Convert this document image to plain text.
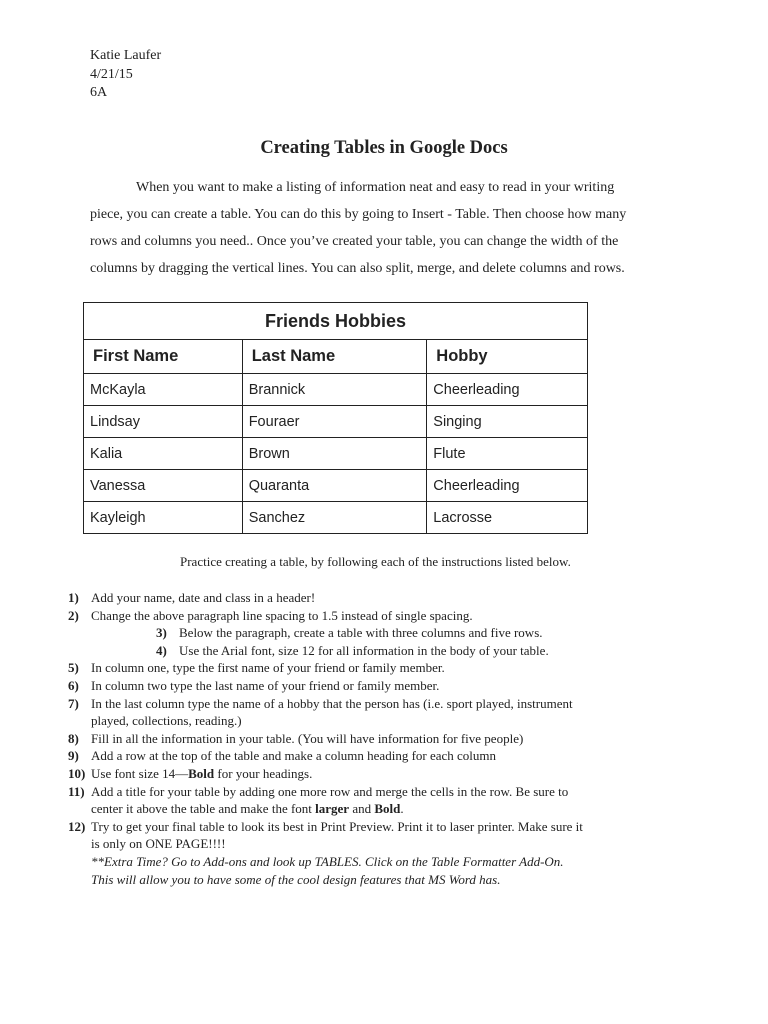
Katie Laufer
4/21/15
6A
Creating Tables in Google Docs
When you want to make a listing of information neat and easy to read in your writing
piece, you can create a table. You can do this by going to Insert - Table. Then choose how many
rows and columns you need.. Once you’ve created your table, you can change the width of the
columns by dragging the vertical lines. You can also split, merge, and delete columns and rows.
Friends Hobbies		
First Name	Last Name	Hobby
McKayla	Brannick	Cheerleading
Lindsay	Fouraer	Singing
Kalia	Brown	Flute
Vanessa	Quaranta	Cheerleading
Kayleigh	Sanchez	Lacrosse
Practice creating a table, by following each of the instructions listed below.
1) Add your name, date and class in a header!
2) Change the above paragraph line spacing to 1.5 instead of single spacing.
3) Below the paragraph, create a table with three columns and five rows.
4) Use the Arial font, size 12 for all information in the body of your table.
5) In column one, type the first name of your friend or family member.
6) In column two type the last name of your friend or family member.
7) In the last column type the name of a hobby that the person has (i.e. sport played, instrument
played, collections, reading.)
8) Fill in all the information in your table. (You will have information for five people)
9) Add a row at the top of the table and make a column heading for each column
10) Use font size 14—Bold for your headings.
11) Add a title for your table by adding one more row and merge the cells in the row. Be sure to
center it above the table and make the font larger and Bold.
12) Try to get your final table to look its best in Print Preview. Print it to laser printer. Make sure it
is only on ONE PAGE!!!!
**Extra Time? Go to Add-ons and look up TABLES. Click on the Table Formatter Add-On.
This will allow you to have some of the cool design features that MS Word has.
